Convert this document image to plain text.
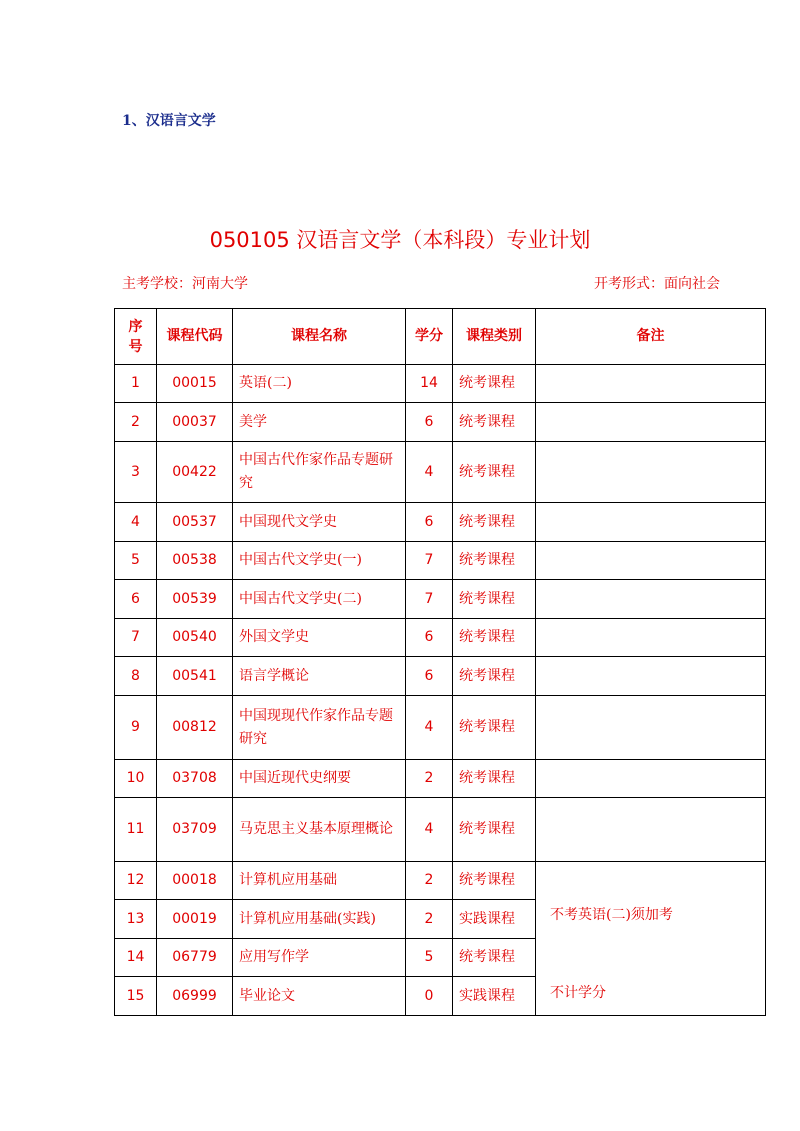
1、汉语言文学
050105 汉语言文学（本科段）专业计划
主考学校：河南大学	开考形式：面向社会
序
号	课程代码	课程名称	学分	课程类别	备注
1	00015	英语(二)	14	统考课程	
2	00037	美学	6	统考课程	
3	00422	中国古代作家作品专题研究	4	统考课程	
4	00537	中国现代文学史	6	统考课程	
5	00538	中国古代文学史(一)	7	统考课程	
6	00539	中国古代文学史(二)	7	统考课程	
7	00540	外国文学史	6	统考课程	
8	00541	语言学概论	6	统考课程	
9	00812	中国现现代作家作品专题研究	4	统考课程	
10	03708	中国近现代史纲要	2	统考课程	
11	03709	马克思主义基本原理概论	4	统考课程	
12	00018	计算机应用基础	2	统考课程	不考英语(二)须加考
不计学分

13	00019	计算机应用基础(实践)	2	实践课程	
14	06779	应用写作学	5	统考课程	
15	06999	毕业论文	0	实践课程	
